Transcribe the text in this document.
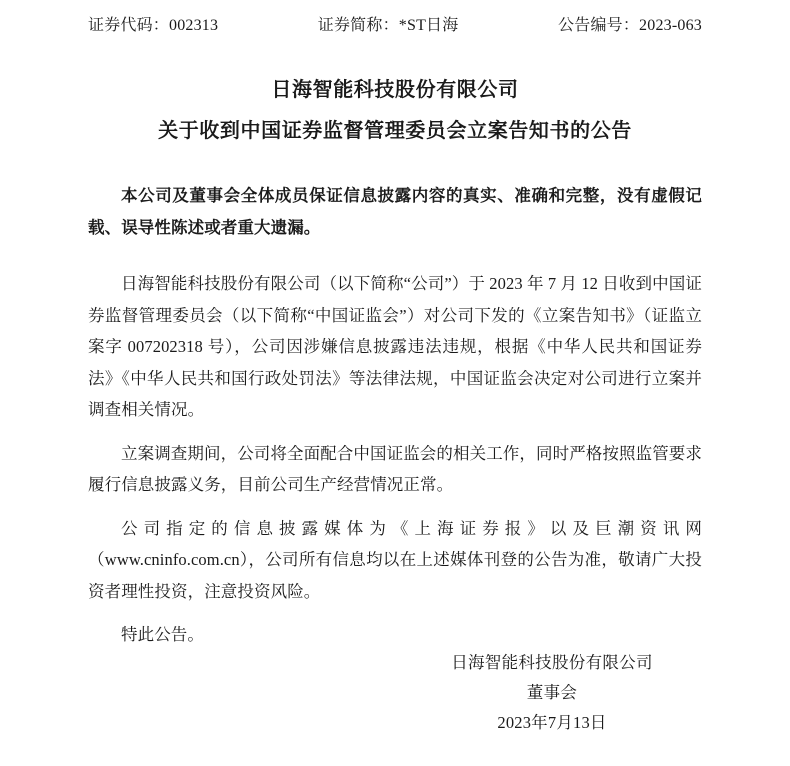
证券代码：002313	证券简称：*ST日海	公告编号：2023-063
日海智能科技股份有限公司
关于收到中国证券监督管理委员会立案告知书的公告

本公司及董事会全体成员保证信息披露内容的真实、准确和完整，没有虚假记载、误导性陈述或者重大遗漏。

日海智能科技股份有限公司（以下简称“公司”）于 2023 年 7 月 12 日收到中国证券监督管理委员会（以下简称“中国证监会”）对公司下发的《立案告知书》（证监立案字 007202318 号），公司因涉嫌信息披露违法违规，根据《中华人民共和国证券法》《中华人民共和国行政处罚法》等法律法规，中国证监会决定对公司进行立案并调查相关情况。

立案调查期间，公司将全面配合中国证监会的相关工作，同时严格按照监管要求履行信息披露义务，目前公司生产经营情况正常。

公司指定的信息披露媒体为《上海证券报》以及巨潮资讯网（www.cninfo.com.cn），公司所有信息均以在上述媒体刊登的公告为准，敬请广大投资者理性投资，注意投资风险。

特此公告。

日海智能科技股份有限公司
董事会
2023年7月13日
